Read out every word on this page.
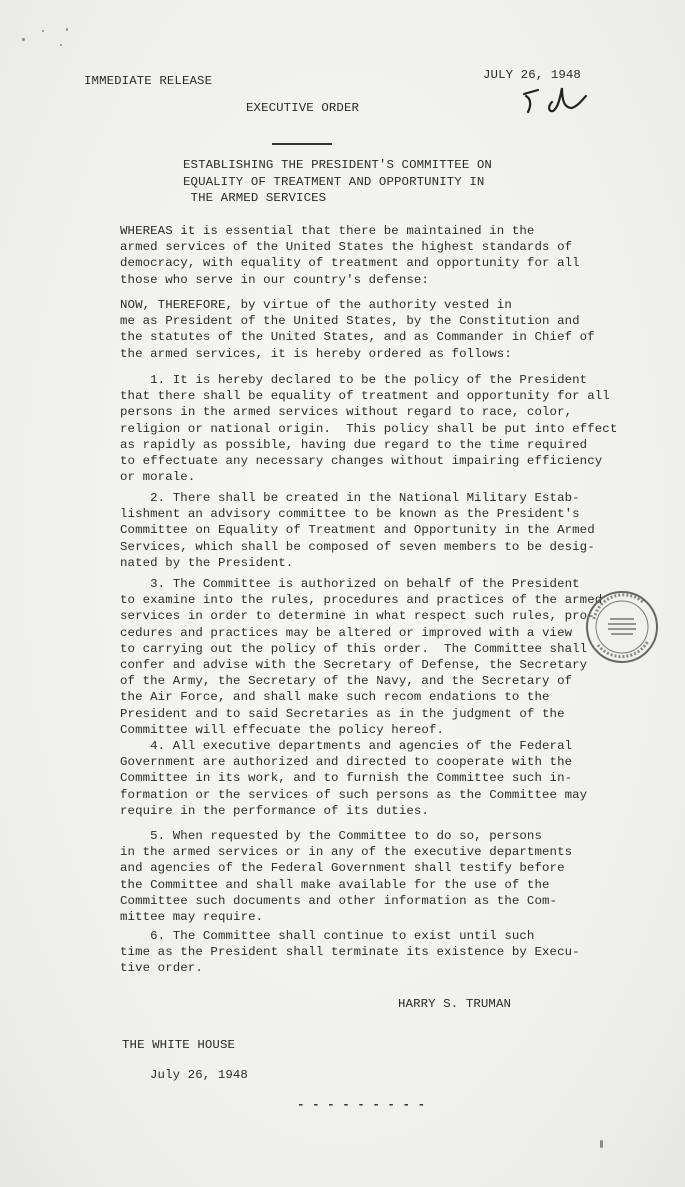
IMMEDIATE RELEASE	JULY 26, 1948
EXECUTIVE ORDER
ESTABLISHING THE PRESIDENT'S COMMITTEE ON
EQUALITY OF TREATMENT AND OPPORTUNITY IN
THE ARMED SERVICES
WHEREAS it is essential that there be maintained in the
armed services of the United States the highest standards of
democracy, with equality of treatment and opportunity for all
those who serve in our country's defense:
NOW, THEREFORE, by virtue of the authority vested in
me as President of the United States, by the Constitution and
the statutes of the United States, and as Commander in Chief of
the armed services, it is hereby ordered as follows:
1. It is hereby declared to be the policy of the President
that there shall be equality of treatment and opportunity for all
persons in the armed services without regard to race, color,
religion or national origin.  This policy shall be put into effect
as rapidly as possible, having due regard to the time required
to effectuate any necessary changes without impairing efficiency
or morale.
2. There shall be created in the National Military Estab-
lishment an advisory committee to be known as the President's
Committee on Equality of Treatment and Opportunity in the Armed
Services, which shall be composed of seven members to be desig-
nated by the President.
3. The Committee is authorized on behalf of the President
to examine into the rules, procedures and practices of the armed
services in order to determine in what respect such rules, pro-
cedures and practices may be altered or improved with a view
to carrying out the policy of this order.  The Committee shall
confer and advise with the Secretary of Defense, the Secretary
of the Army, the Secretary of the Navy, and the Secretary of
the Air Force, and shall make such recom endations to the
President and to said Secretaries as in the judgment of the
Committee will effecuate the policy hereof.
4. All executive departments and agencies of the Federal
Government are authorized and directed to cooperate with the
Committee in its work, and to furnish the Committee such in-
formation or the services of such persons as the Committee may
require in the performance of its duties.
5. When requested by the Committee to do so, persons
in the armed services or in any of the executive departments
and agencies of the Federal Government shall testify before
the Committee and shall make available for the use of the
Committee such documents and other information as the Com-
mittee may require.
6. The Committee shall continue to exist until such
time as the President shall terminate its existence by Execu-
tive order.
HARRY S. TRUMAN
THE WHITE HOUSE
July 26, 1948
- - - - - - - - -
